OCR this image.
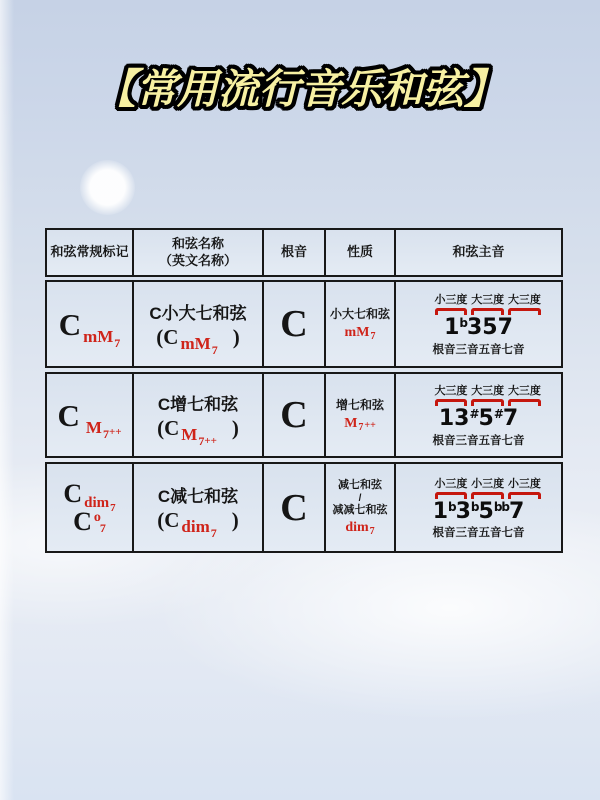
【常用流行音乐和弦】
和弦常规标记
和弦名称
（英文名称）
根音	性质	和弦主音
CmM$_7$
C小大七和弦
(C $_{mM7}$) C 小大七和弦
$mM_7$
小三度 大三度 大三度
1 $^b$3 5 7
根音 三音 五音 七音
C $M_{7++}$
C增七和弦
(C $_{M7++}$) C 增七和弦
$M_7++$
大三度 大三度 大三度
1 3 #5 #7
根音 三音 五音 七音
Cdim$_7$
C o
7
C减七和弦
(C $_{dim7}$) C
减七和弦
/
减减七和弦
dim$_7$
小三度 小三度 小三度
1 $^b$3 $^b$5 $^{bb}$7
根音 三音 五音 七音
